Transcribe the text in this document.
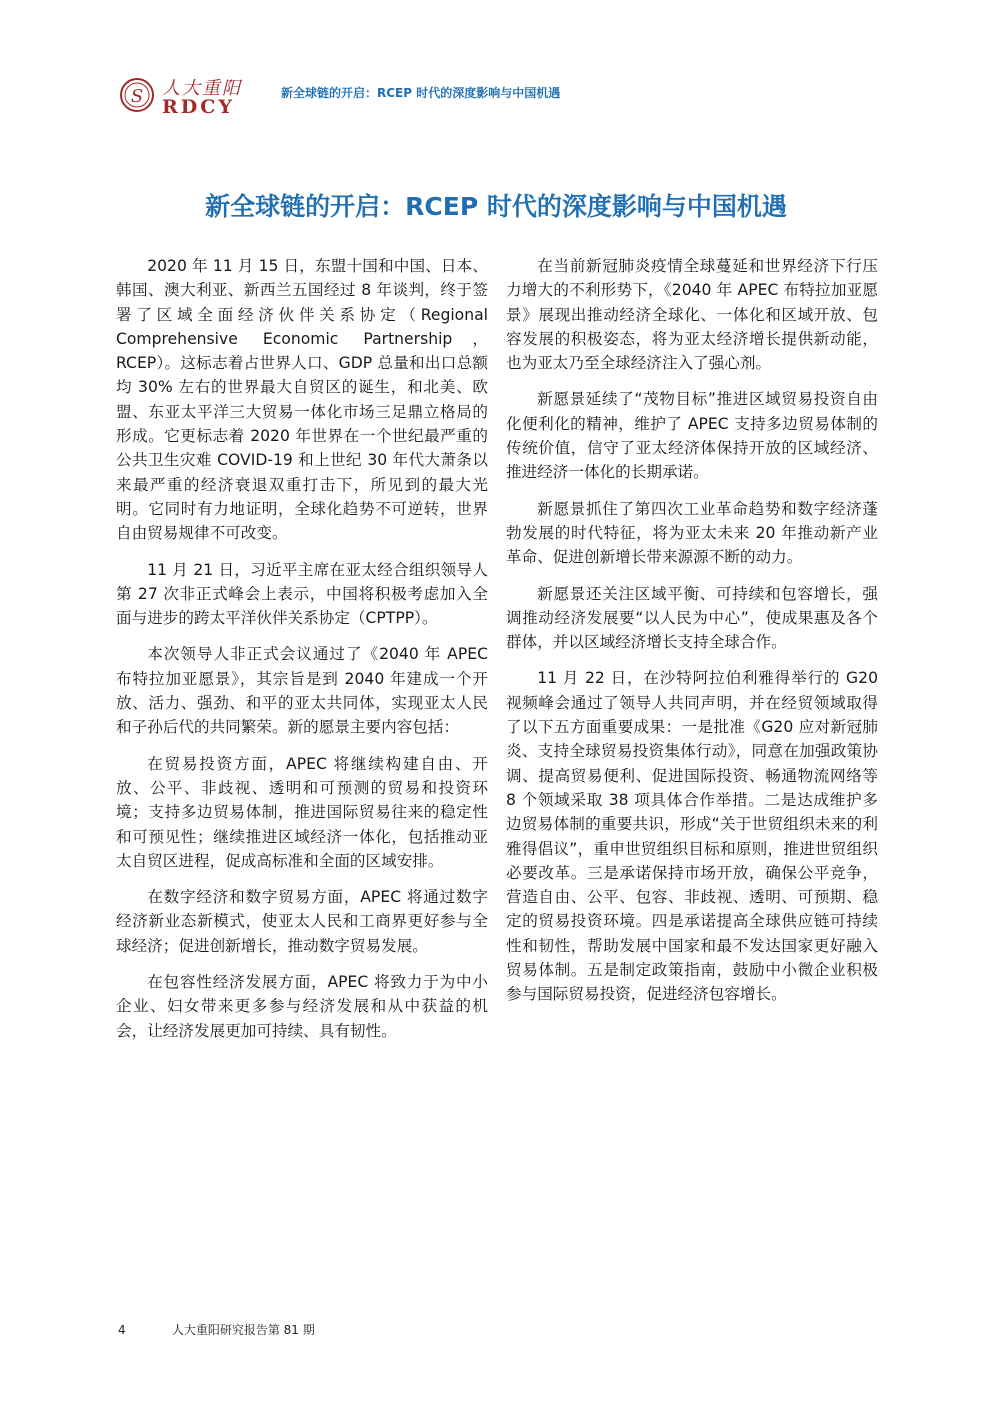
S 人大重阳
RDCY
新全球链的开启：RCEP 时代的深度影响与中国机遇
新全球链的开启：RCEP 时代的深度影响与中国机遇

2020 年 11 月 15 日，东盟十国和中国、日本、韩国、澳大利亚、新西兰五国经过 8 年谈判，终于签署了区域全面经济伙伴关系协定（Regional Comprehensive Economic Partnership，RCEP）。这标志着占世界人口、GDP 总量和出口总额均 30% 左右的世界最大自贸区的诞生，和北美、欧盟、东亚太平洋三大贸易一体化市场三足鼎立格局的形成。它更标志着 2020 年世界在一个世纪最严重的公共卫生灾难 COVID-19 和上世纪 30 年代大萧条以来最严重的经济衰退双重打击下，所见到的最大光明。它同时有力地证明，全球化趋势不可逆转，世界自由贸易规律不可改变。

11 月 21 日，习近平主席在亚太经合组织领导人第 27 次非正式峰会上表示，中国将积极考虑加入全面与进步的跨太平洋伙伴关系协定（CPTPP）。

本次领导人非正式会议通过了《2040 年 APEC 布特拉加亚愿景》，其宗旨是到 2040 年建成一个开放、活力、强劲、和平的亚太共同体，实现亚太人民和子孙后代的共同繁荣。新的愿景主要内容包括：

在贸易投资方面，APEC 将继续构建自由、开放、公平、非歧视、透明和可预测的贸易和投资环境；支持多边贸易体制，推进国际贸易往来的稳定性和可预见性；继续推进区域经济一体化，包括推动亚太自贸区进程，促成高标准和全面的区域安排。

在数字经济和数字贸易方面，APEC 将通过数字经济新业态新模式，使亚太人民和工商界更好参与全球经济；促进创新增长，推动数字贸易发展。

在包容性经济发展方面，APEC 将致力于为中小企业、妇女带来更多参与经济发展和从中获益的机会，让经济发展更加可持续、具有韧性。

在当前新冠肺炎疫情全球蔓延和世界经济下行压力增大的不利形势下，《2040 年 APEC 布特拉加亚愿景》展现出推动经济全球化、一体化和区域开放、包容发展的积极姿态，将为亚太经济增长提供新动能，也为亚太乃至全球经济注入了强心剂。

新愿景延续了“茂物目标”推进区域贸易投资自由化便利化的精神，维护了 APEC 支持多边贸易体制的传统价值，信守了亚太经济体保持开放的区域经济、推进经济一体化的长期承诺。

新愿景抓住了第四次工业革命趋势和数字经济蓬勃发展的时代特征，将为亚太未来 20 年推动新产业革命、促进创新增长带来源源不断的动力。

新愿景还关注区域平衡、可持续和包容增长，强调推动经济发展要“以人民为中心”，使成果惠及各个群体，并以区域经济增长支持全球合作。

11 月 22 日，在沙特阿拉伯利雅得举行的 G20 视频峰会通过了领导人共同声明，并在经贸领域取得了以下五方面重要成果：一是批准《G20 应对新冠肺炎、支持全球贸易投资集体行动》，同意在加强政策协调、提高贸易便利、促进国际投资、畅通物流网络等 8 个领域采取 38 项具体合作举措。二是达成维护多边贸易体制的重要共识，形成“关于世贸组织未来的利雅得倡议”，重申世贸组织目标和原则，推进世贸组织必要改革。三是承诺保持市场开放，确保公平竞争，营造自由、公平、包容、非歧视、透明、可预期、稳定的贸易投资环境。四是承诺提高全球供应链可持续性和韧性，帮助发展中国家和最不发达国家更好融入贸易体制。五是制定政策指南，鼓励中小微企业积极参与国际贸易投资，促进经济包容增长。

4	人大重阳研究报告第 81 期
